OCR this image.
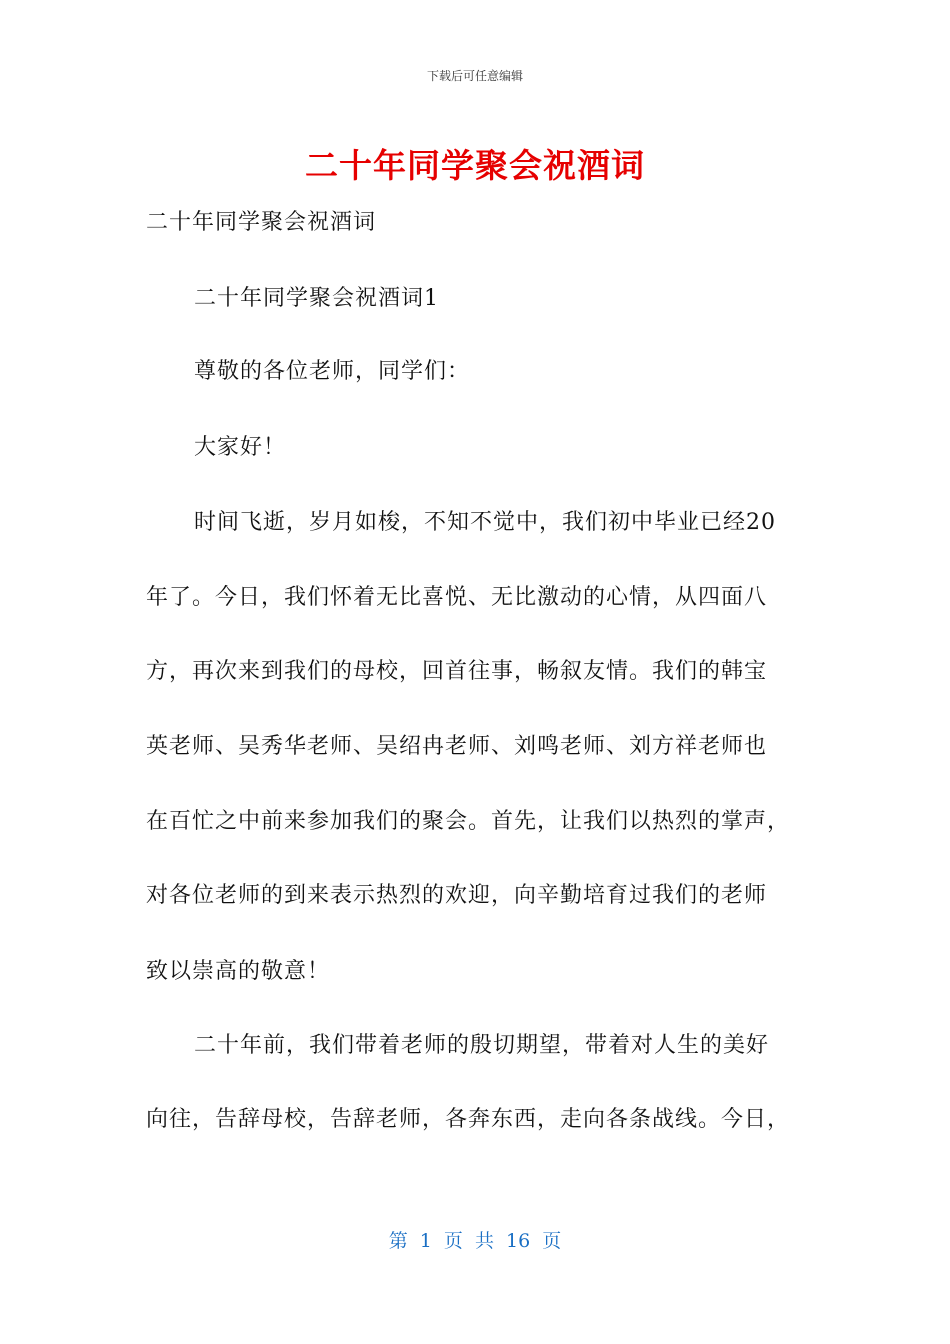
下载后可任意编辑
二十年同学聚会祝酒词
二十年同学聚会祝酒词
二十年同学聚会祝酒词1
尊敬的各位老师，同学们：
大家好！
时间飞逝，岁月如梭，不知不觉中，我们初中毕业已经20
年了。今日，我们怀着无比喜悦、无比激动的心情，从四面八
方，再次来到我们的母校，回首往事，畅叙友情。我们的韩宝
英老师、吴秀华老师、吴绍冉老师、刘鸣老师、刘方祥老师也
在百忙之中前来参加我们的聚会。首先，让我们以热烈的掌声，
对各位老师的到来表示热烈的欢迎，向辛勤培育过我们的老师
致以崇高的敬意！
二十年前，我们带着老师的殷切期望，带着对人生的美好
向往，告辞母校，告辞老师，各奔东西，走向各条战线。今日，
第 1 页 共 16 页
